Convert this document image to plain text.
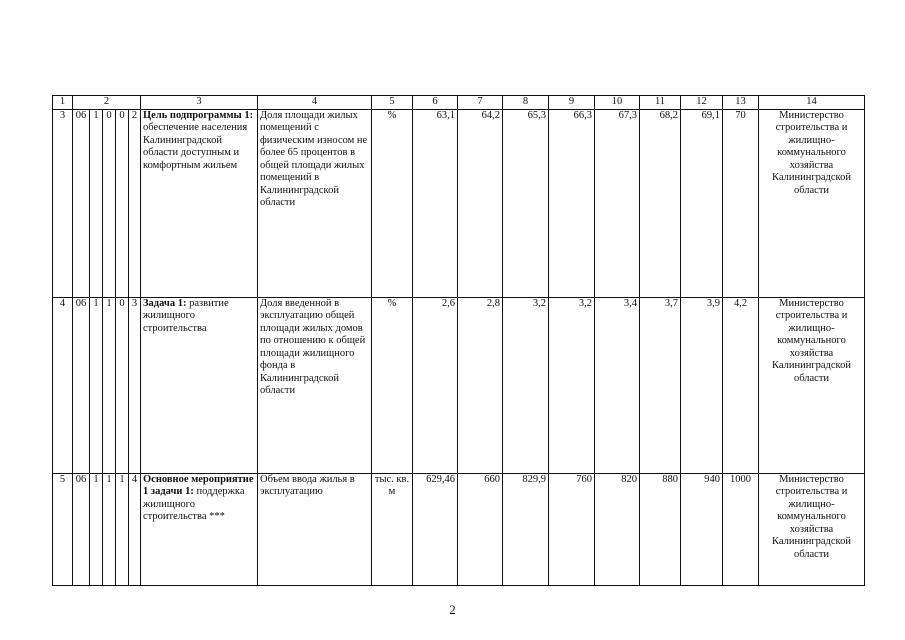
1	2					3	4	5	6	7	8	9	10	11	12	13	14
3	06	1	0	0	2	Цель подпрограммы 1: обеспечение населения Калининградской области доступным и комфортным жильем	Доля площади жилых помещений с физическим износом не более 65 процентов в общей площади жилых помещений в Калининградской области	%	63,1	64,2	65,3	66,3	67,3	68,2	69,1	70	Министерство строительства и жилищно-коммунального хозяйства Калининградской области
4	06	1	1	0	3	Задача 1: развитие жилищного строительства	Доля введенной в эксплуатацию общей площади жилых домов по отношению к общей площади жилищного фонда в Калининградской области	%	2,6	2,8	3,2	3,2	3,4	3,7	3,9	4,2	Министерство строительства и жилищно-коммунального хозяйства Калининградской области
5	06	1	1	1	4	Основное мероприятие 1 задачи 1: поддержка жилищного строительства ***	Объем ввода жилья в эксплуатацию	тыс. кв. м	629,46	660	829,9	760	820	880	940	1000	Министерство строительства и жилищно-коммунального хозяйства Калининградской области
2
